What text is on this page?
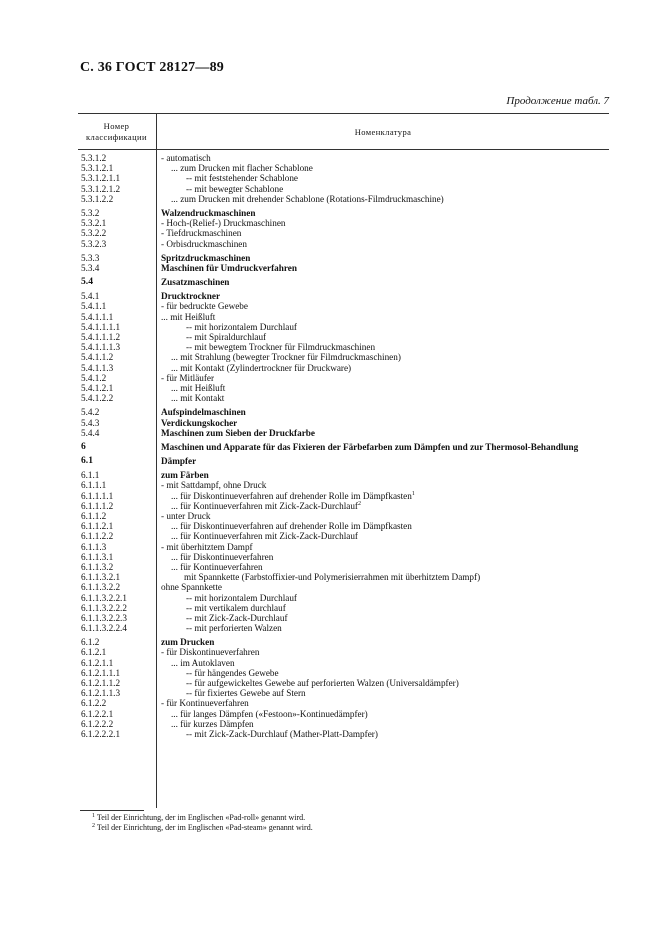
С. 36 ГОСТ 28127—89
Продолжение табл. 7
Номер
классификации	Номенклатура
5.3.1.2	- automatisch
5.3.1.2.1	... zum Drucken mit flacher Schablone
5.3.1.2.1.1	-- mit feststehender Schablone
5.3.1.2.1.2	-- mit bewegter Schablone
5.3.1.2.2	... zum Drucken mit drehender Schablone (Rotations-Filmdruckmaschine)
5.3.2	Walzendruckmaschinen
5.3.2.1	- Hoch-(Relief-) Druckmaschinen
5.3.2.2	- Tiefdruckmaschinen
5.3.2.3	- Orbisdruckmaschinen
5.3.3	Spritzdruckmaschinen
5.3.4	Maschinen für Umdruckverfahren
5.4	Zusatzmaschinen
5.4.1	Drucktrockner
5.4.1.1	- für bedruckte Gewebe
5.4.1.1.1	... mit Heißluft
5.4.1.1.1.1	-- mit horizontalem Durchlauf
5.4.1.1.1.2	-- mit Spiraldurchlauf
5.4.1.1.1.3	-- mit bewegtem Trockner für Filmdruckmaschinen
5.4.1.1.2	... mit Strahlung (bewegter Trockner für Filmdruckmaschinen)
5.4.1.1.3	... mit Kontakt (Zylindertrockner für Druckware)
5.4.1.2	- für Mitläufer
5.4.1.2.1	... mit Heißluft
5.4.1.2.2	... mit Kontakt
5.4.2	Aufspindelmaschinen
5.4.3	Verdickungskocher
5.4.4	Maschinen zum Sieben der Druckfarbe
6	Maschinen und Apparate für das Fixieren der Färbefarben zum Dämpfen und zur Thermosol-Behandlung
6.1	Dämpfer
6.1.1	zum Färben
6.1.1.1	- mit Sattdampf, ohne Druck
6.1.1.1.1	... für Diskontinueverfahren auf drehender Rolle im Dämpfkasten$^1$
6.1.1.1.2	... für Kontinueverfahren mit Zick-Zack-Durchlauf$^2$
6.1.1.2	- unter Druck
6.1.1.2.1	... für Diskontinueverfahren auf drehender Rolle im Dämpfkasten
6.1.1.2.2	... für Kontinueverfahren mit Zick-Zack-Durchlauf
6.1.1.3	- mit überhitztem Dampf
6.1.1.3.1	... für Diskontinueverfahren
6.1.1.3.2	... für Kontinueverfahren
6.1.1.3.2.1	mit Spannkette (Farbstoffixier-und Polymerisierrahmen mit überhitztem Dampf)
6.1.1.3.2.2	ohne Spannkette
6.1.1.3.2.2.1	-- mit horizontalem Durchlauf
6.1.1.3.2.2.2	-- mit vertikalem durchlauf
6.1.1.3.2.2.3	-- mit Zick-Zack-Durchlauf
6.1.1.3.2.2.4	-- mit perforierten Walzen
6.1.2	zum Drucken
6.1.2.1	- für Diskontinueverfahren
6.1.2.1.1	... im Autoklaven
6.1.2.1.1.1	-- für hängendes Gewebe
6.1.2.1.1.2	-- für aufgewickeltes Gewebe auf perforierten Walzen (Universaldämpfer)
6.1.2.1.1.3	-- für fixiertes Gewebe auf Stern
6.1.2.2	- für Kontinueverfahren
6.1.2.2.1	... für langes Dämpfen («Festoon»-Kontinuedämpfer)
6.1.2.2.2	... für kurzes Dämpfen
6.1.2.2.2.1	-- mit Zick-Zack-Durchlauf (Mather-Platt-Dampfer)
$^1$ Teil der Einrichtung, der im Englischen «Pad-roll» genannt wird.
$^2$ Teil der Einrichtung, der im Englischen «Pad-steam» genannt wird.
